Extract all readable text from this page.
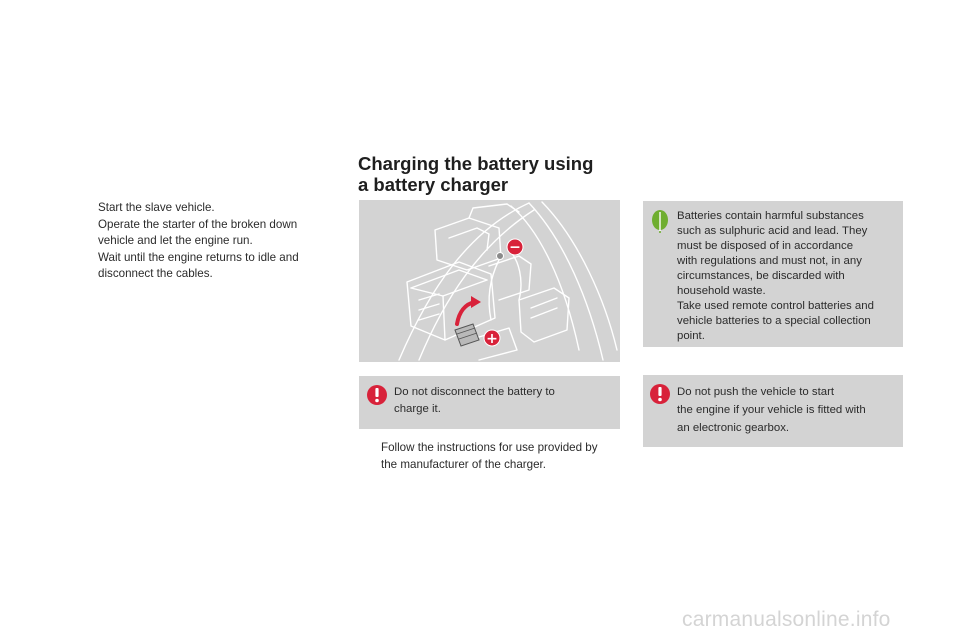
Start the slave vehicle.
Operate the starter of the broken down
vehicle and let the engine run.
Wait until the engine returns to idle and
disconnect the cables.
Charging the battery using
a battery charger
−
+
Batteries contain harmful substances
such as sulphuric acid and lead. They
must be disposed of in accordance
with regulations and must not, in any
circumstances, be discarded with
household waste.
Take used remote control batteries and
vehicle batteries to a special collection
point.
Do not disconnect the battery to
charge it.
Do not push the vehicle to start
the engine if your vehicle is fitted with
an electronic gearbox.
Follow the instructions for use provided by
the manufacturer of the charger.
carmanualsonline.info
